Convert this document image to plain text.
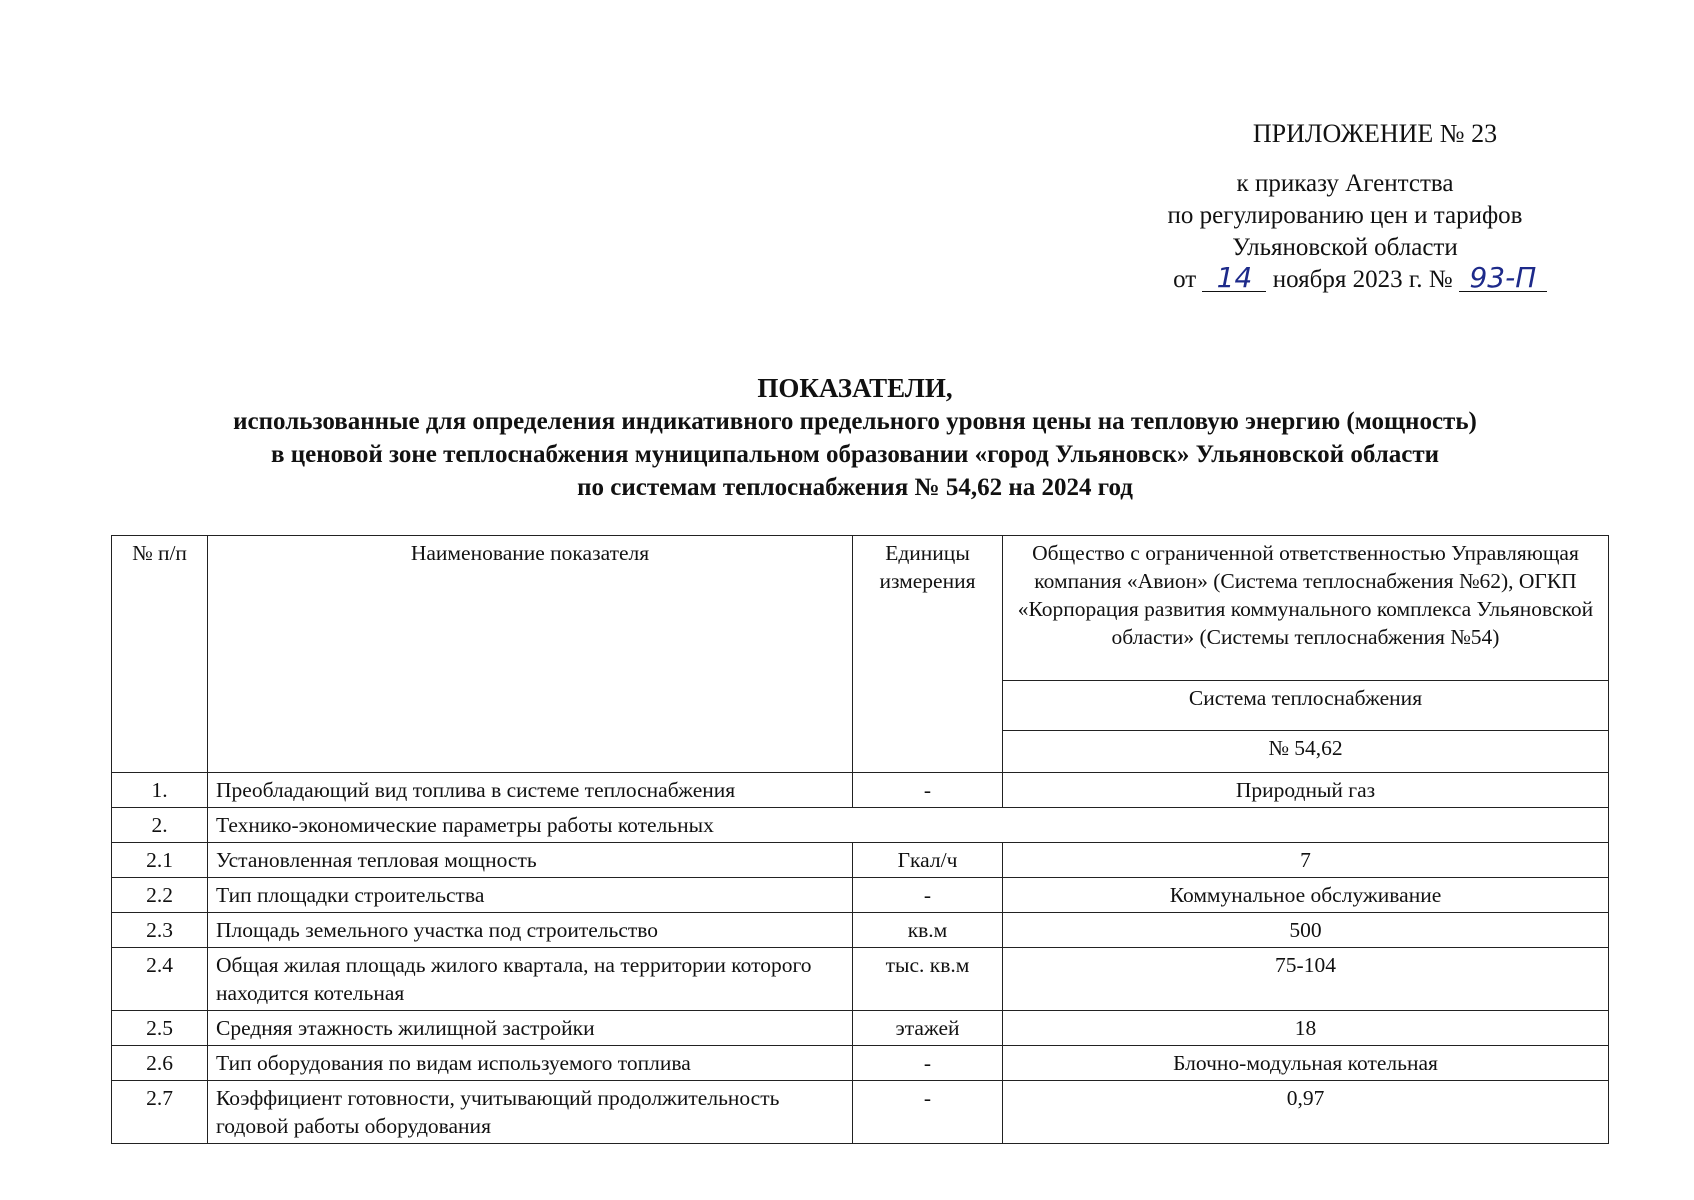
ПРИЛОЖЕНИЕ № 23
к приказу Агентства
по регулированию цен и тарифов
Ульяновской области
от 14 ноября 2023 г. № 93-П
ПОКАЗАТЕЛИ,
использованные для определения индикативного предельного уровня цены на тепловую энергию (мощность)
в ценовой зоне теплоснабжения муниципальном образовании «город Ульяновск» Ульяновской области
по системам теплоснабжения № 54,62 на 2024 год
№ п/п	Наименование показателя	Единицы измерения	Общество с ограниченной ответственностью Управляющая компания «Авион» (Система теплоснабжения №62), ОГКП «Корпорация развития коммунального комплекса Ульяновской области» (Системы теплоснабжения №54)
			Система теплоснабжения
			№ 54,62
1.	Преобладающий вид топлива в системе теплоснабжения	-	Природный газ
2.	Технико-экономические параметры работы котельных		
2.1	Установленная тепловая мощность	Гкал/ч	7
2.2	Тип площадки строительства	-	Коммунальное обслуживание
2.3	Площадь земельного участка под строительство	кв.м	500
2.4	Общая жилая площадь жилого квартала, на территории которого находится котельная	тыс. кв.м	75-104
2.5	Средняя этажность жилищной застройки	этажей	18
2.6	Тип оборудования по видам используемого топлива	-	Блочно-модульная котельная
2.7	Коэффициент готовности, учитывающий продолжительность годовой работы оборудования	-	0,97
